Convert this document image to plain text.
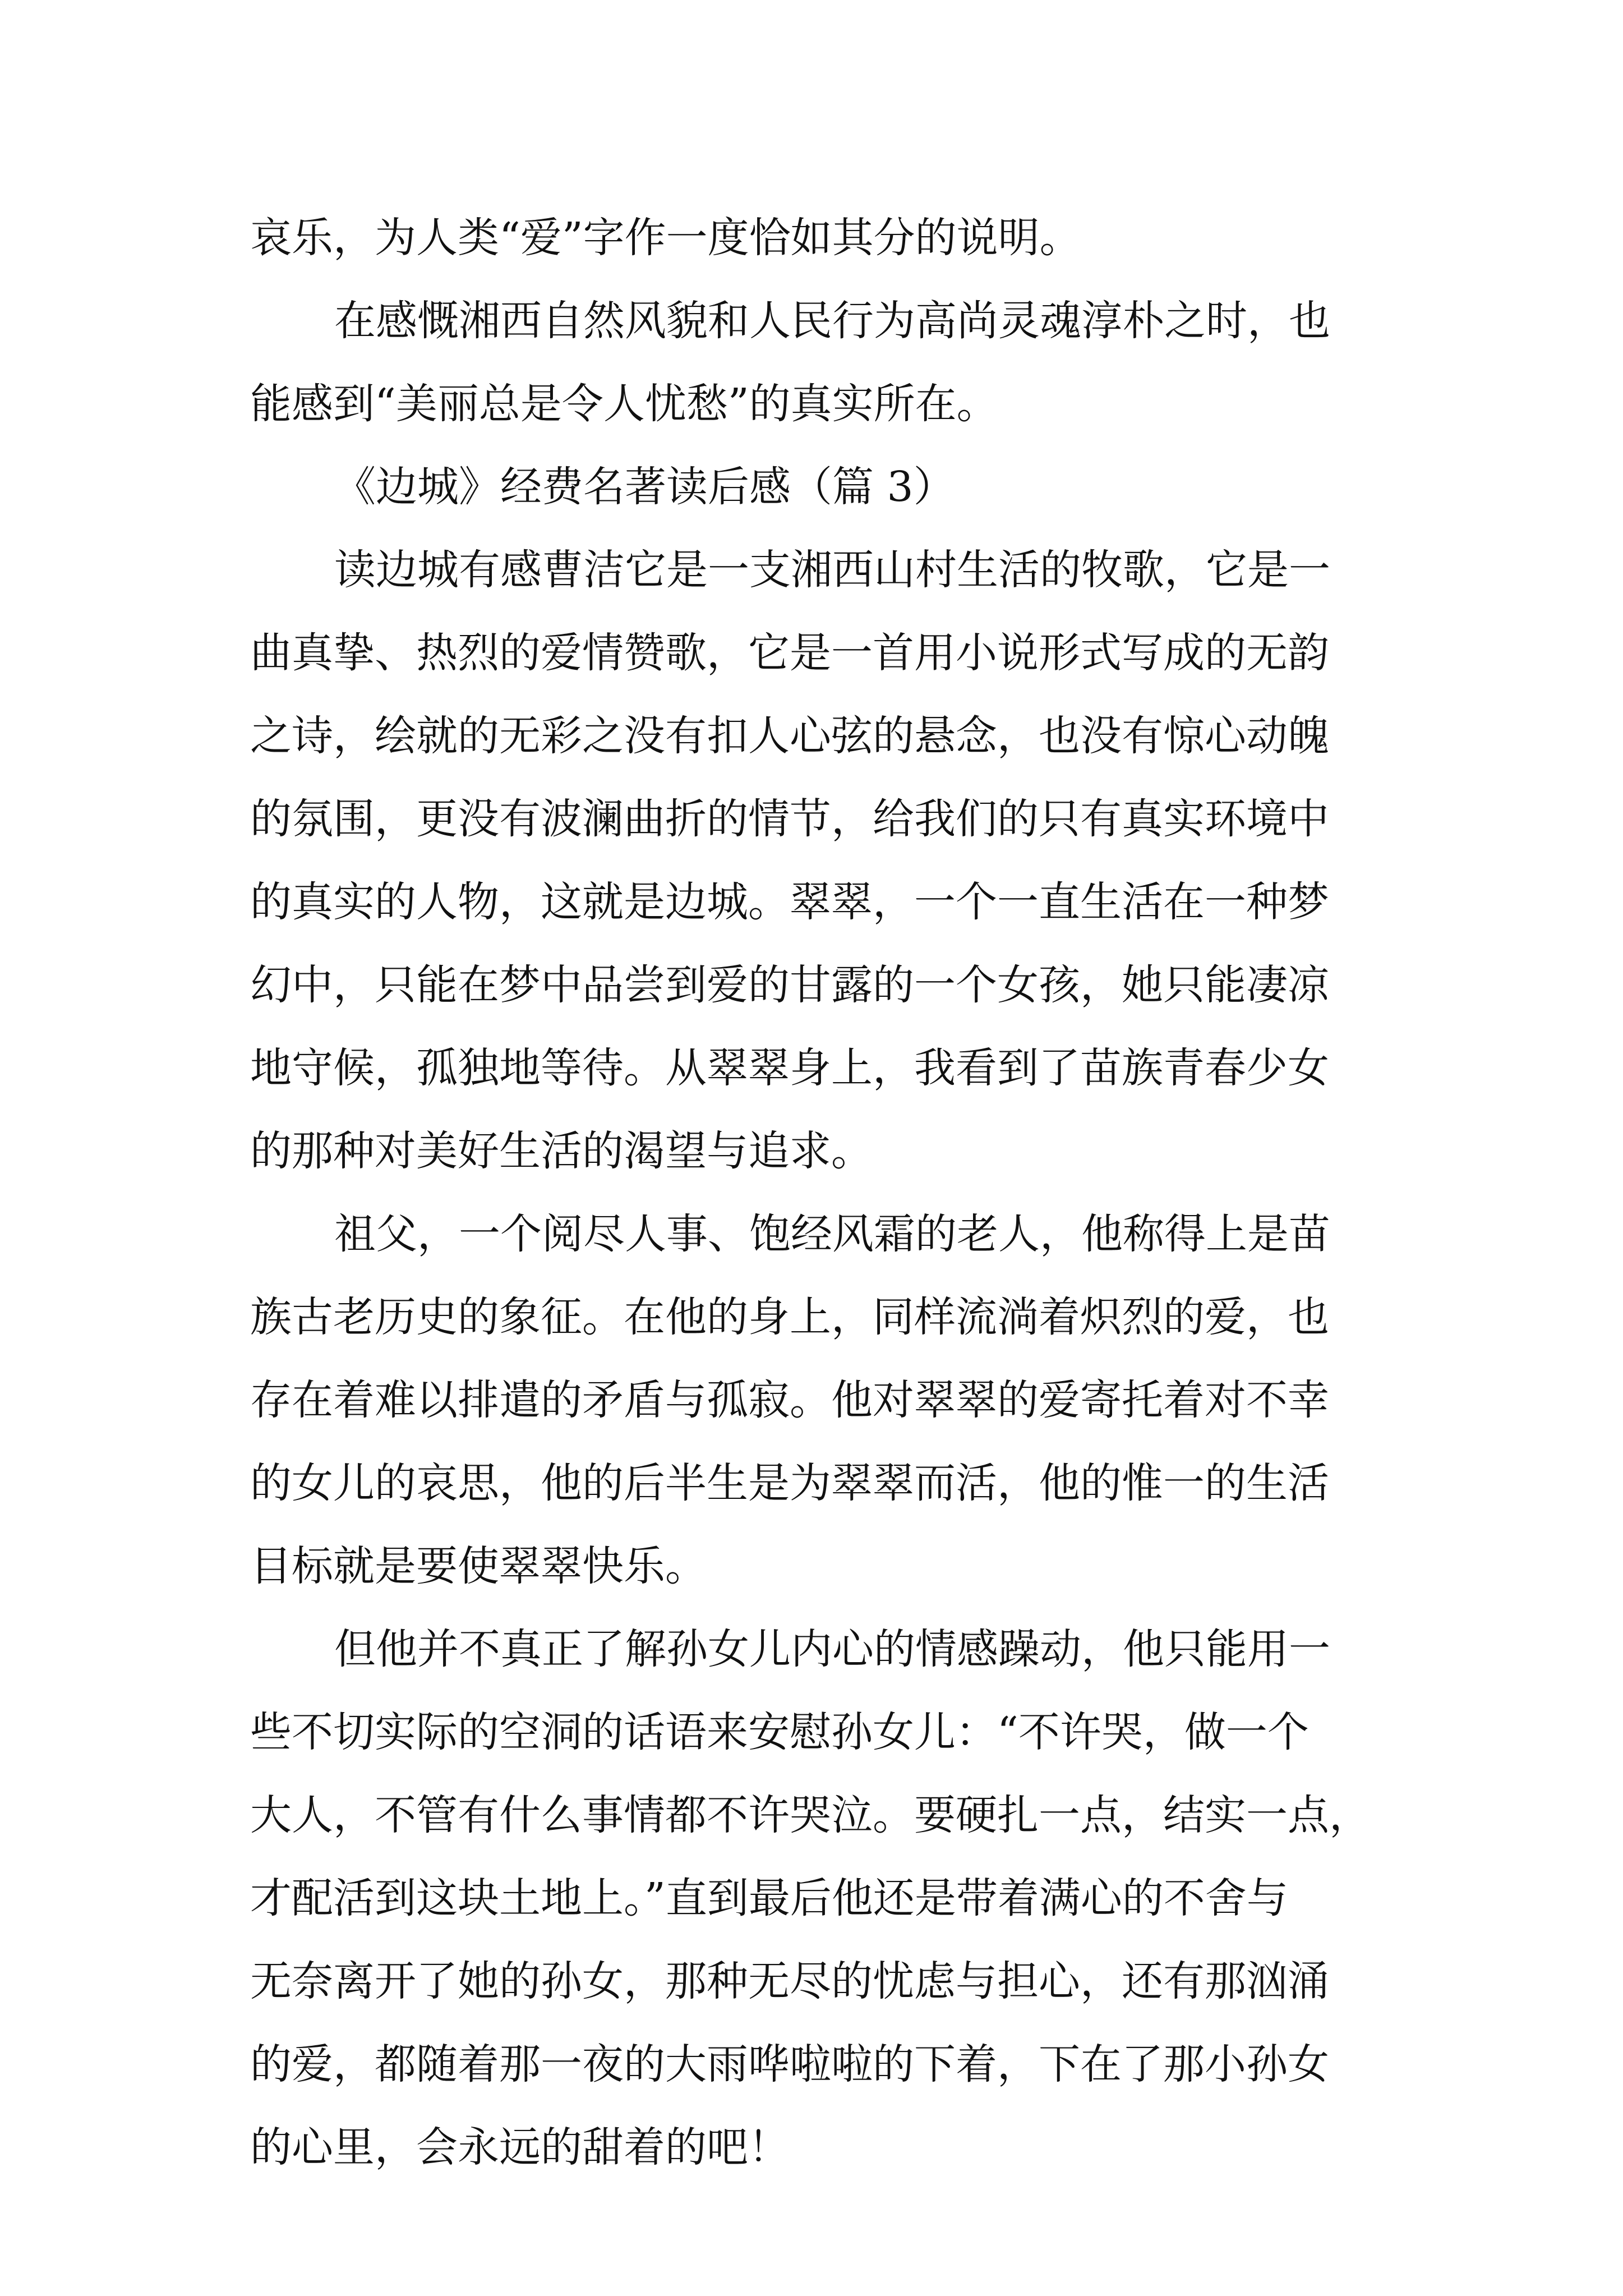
哀乐，为人类“爱”字作一度恰如其分的说明。
在感慨湘西自然风貌和人民行为高尚灵魂淳朴之时，也
能感到“美丽总是令人忧愁”的真实所在。
《边城》经费名著读后感（篇 3）
读边城有感曹洁它是一支湘西山村生活的牧歌，它是一
曲真挚、热烈的爱情赞歌，它是一首用小说形式写成的无韵
之诗，绘就的无彩之没有扣人心弦的悬念，也没有惊心动魄
的氛围，更没有波澜曲折的情节，给我们的只有真实环境中
的真实的人物，这就是边城。翠翠，一个一直生活在一种梦
幻中，只能在梦中品尝到爱的甘露的一个女孩，她只能凄凉
地守候，孤独地等待。从翠翠身上，我看到了苗族青春少女
的那种对美好生活的渴望与追求。
祖父，一个阅尽人事、饱经风霜的老人，他称得上是苗
族古老历史的象征。在他的身上，同样流淌着炽烈的爱，也
存在着难以排遣的矛盾与孤寂。他对翠翠的爱寄托着对不幸
的女儿的哀思，他的后半生是为翠翠而活，他的惟一的生活
目标就是要使翠翠快乐。
但他并不真正了解孙女儿内心的情感躁动，他只能用一
些不切实际的空洞的话语来安慰孙女儿：“不许哭，做一个
大人，不管有什么事情都不许哭泣。要硬扎一点，结实一点，
才配活到这块土地上。”直到最后他还是带着满心的不舍与
无奈离开了她的孙女，那种无尽的忧虑与担心，还有那汹涌
的爱，都随着那一夜的大雨哗啦啦的下着，下在了那小孙女
的心里，会永远的甜着的吧！
